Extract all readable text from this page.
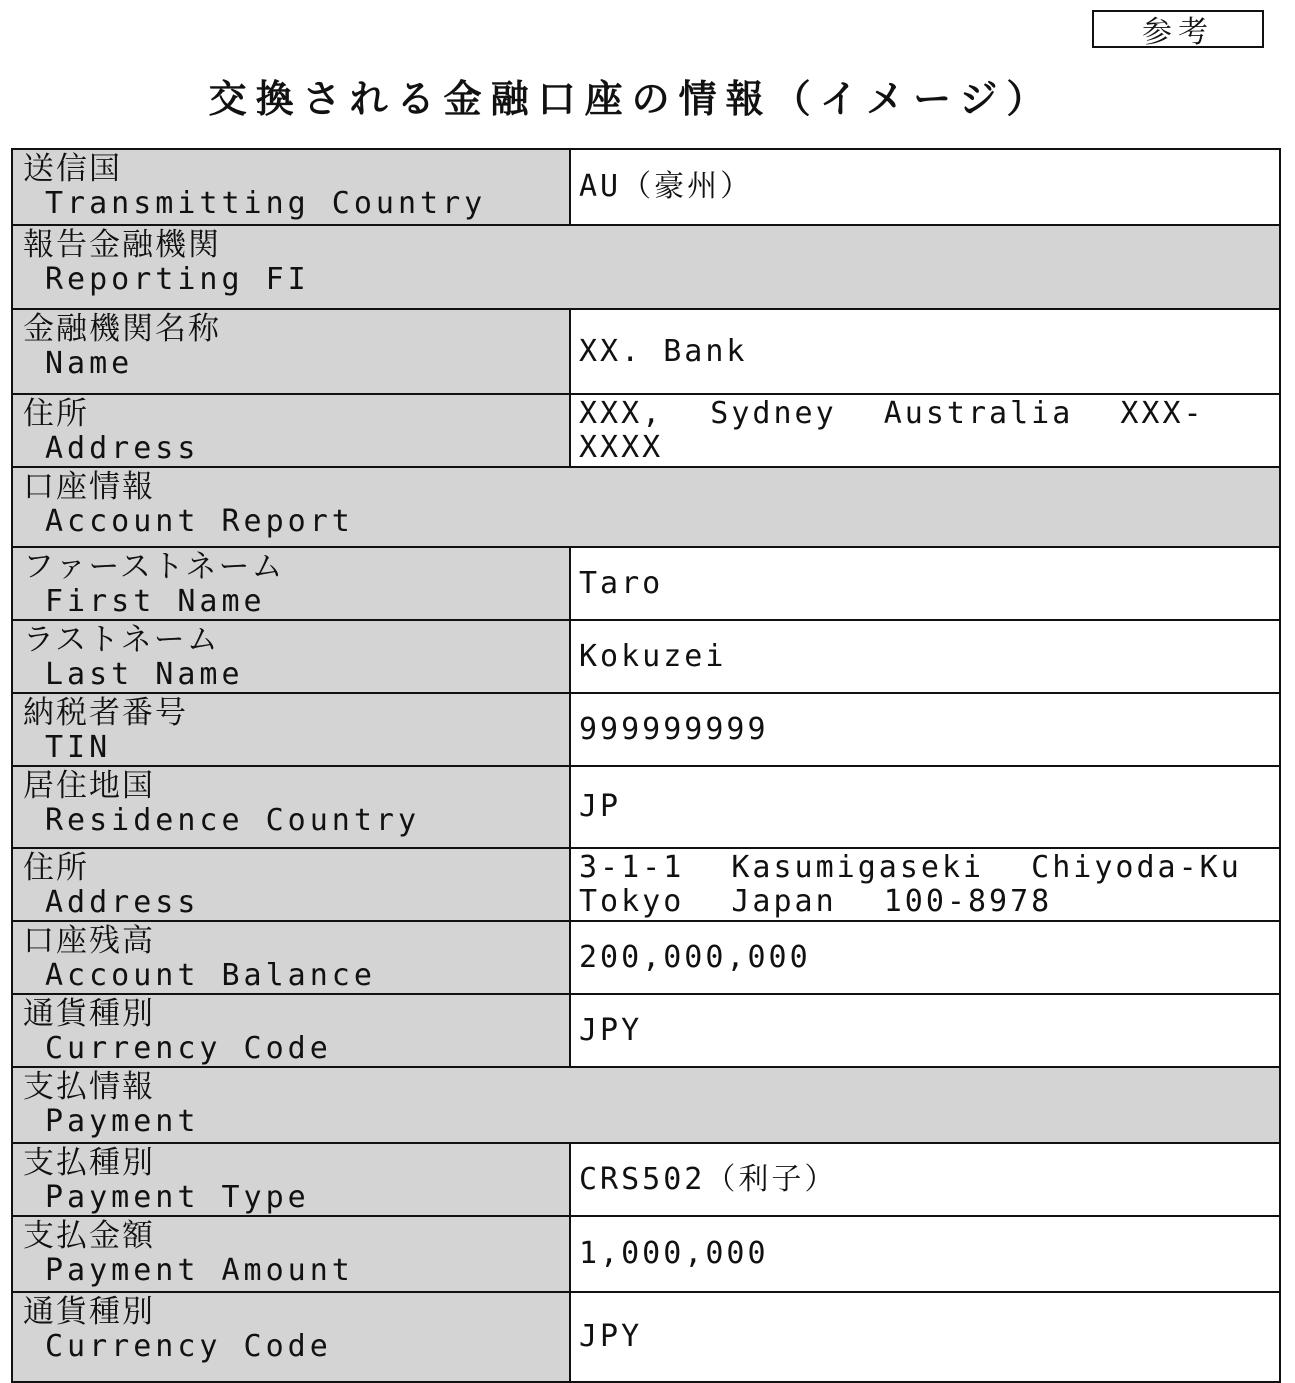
参考
交換される金融口座の情報（イメージ）
送信国
Transmitting Country	AU（豪州）

報告金融機関
Reporting FI	

金融機関名称
Name	XX. Bank

住所
Address	XXX, Sydney Australia XXX-XXXX

口座情報
Account Report	

ファーストネーム
First Name	Taro

ラストネーム
Last Name	Kokuzei

納税者番号
TIN	999999999

居住地国
Residence Country	JP

住所
Address	3-1-1 Kasumigaseki Chiyoda-Ku Tokyo Japan 100-8978

口座残高
Account Balance	200,000,000

通貨種別
Currency Code	JPY

支払情報
Payment	

支払種別
Payment Type	CRS502（利子）

支払金額
Payment Amount	1,000,000

通貨種別
Currency Code	JPY
